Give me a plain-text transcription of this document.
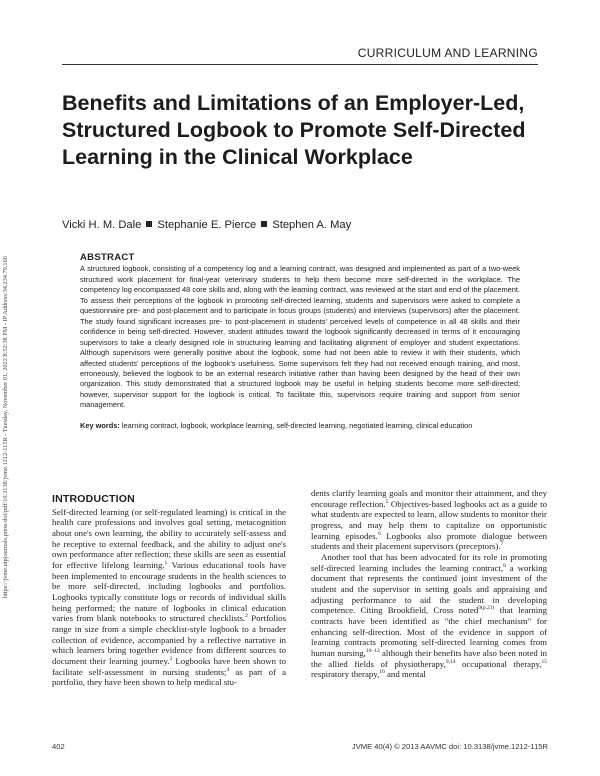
https://jvme.utpjournals.press/doi/pdf/10.3138/jvme.1212-115R - Tuesday, November 01, 2022 8:52:38 PM - IP Address:34.234.79.166
CURRICULUM AND LEARNING
Benefits and Limitations of an Employer-Led, Structured Logbook to Promote Self-Directed Learning in the Clinical Workplace
Vicki H. M. Dale Stephanie E. Pierce Stephen A. May
ABSTRACT

A structured logbook, consisting of a competency log and a learning contract, was designed and implemented as part of a two-week structured work placement for final-year veterinary students to help them become more self-directed in the workplace. The competency log encompassed 48 core skills and, along with the learning contract, was reviewed at the start and end of the placement. To assess their perceptions of the logbook in promoting self-directed learning, students and supervisors were asked to complete a questionnaire pre- and post-placement and to participate in focus groups (students) and interviews (supervisors) after the placement. The study found significant increases pre- to post-placement in students' perceived levels of competence in all 48 skills and their confidence in being self-directed. However, student attitudes toward the logbook significantly decreased in terms of it encouraging supervisors to take a clearly designed role in structuring learning and facilitating alignment of employer and student expectations. Although supervisors were generally positive about the logbook, some had not been able to review it with their students, which affected students' perceptions of the logbook's usefulness. Some supervisors felt they had not received enough training, and most, erroneously, believed the logbook to be an external research initiative rather than having been designed by the head of their own organization. This study demonstrated that a structured logbook may be useful in helping students become more self-directed; however, supervisor support for the logbook is critical. To facilitate this, supervisors require training and support from senior management.

Key words: learning contract, logbook, workplace learning, self-directed learning, negotiated learning, clinical education

INTRODUCTION

Self-directed learning (or self-regulated learning) is critical in the health care professions and involves goal setting, metacognition about one's own learning, the ability to accurately self-assess and be receptive to external feedback, and the ability to adjust one's own performance after reflection; these skills are seen as essential for effective lifelong learning.$^1$ Various educational tools have been implemented to encourage students in the health sciences to be more self-directed, including logbooks and portfolios. Logbooks typically constitute logs or records of individual skills being performed; the nature of logbooks in clinical education varies from blank notebooks to structured checklists.$^2$ Portfolios range in size from a simple checklist-style logbook to a broader collection of evidence, accompanied by a reflective narrative in which learners bring together evidence from different sources to document their learning journey.$^3$ Logbooks have been shown to facilitate self-assessment in nursing students;$^4$ as part of a portfolio, they have been shown to help medical stu-

dents clarify learning goals and monitor their attainment, and they encourage reflection.$^5$ Objectives-based logbooks act as a guide to what students are expected to learn, allow students to monitor their progress, and may help them to capitalize on opportunistic learning episodes.$^6$ Logbooks also promote dialogue between students and their placement supervisors (preceptors).$^7$

Another tool that has been advocated for its role in promoting self-directed learning includes the learning contract,$^8$ a working document that represents the continued joint investment of the student and the supervisor in setting goals and appraising and adjusting performance to aid the student in developing competence. Citing Brookfield, Cross noted$^{9(p.21)}$ that learning contracts have been identified as "the chief mechanism" for enhancing self-direction. Most of the evidence in support of learning contracts promoting self-directed learning comes from human nursing,$^{10-13}$ although their benefits have also been noted in the allied fields of physiotherapy,$^{9,14}$ occupational therapy,$^{15}$ respiratory therapy,$^{16}$ and mental

402	JVME 40(4) © 2013 AAVMC doi: 10.3138/jvme.1212-115R
